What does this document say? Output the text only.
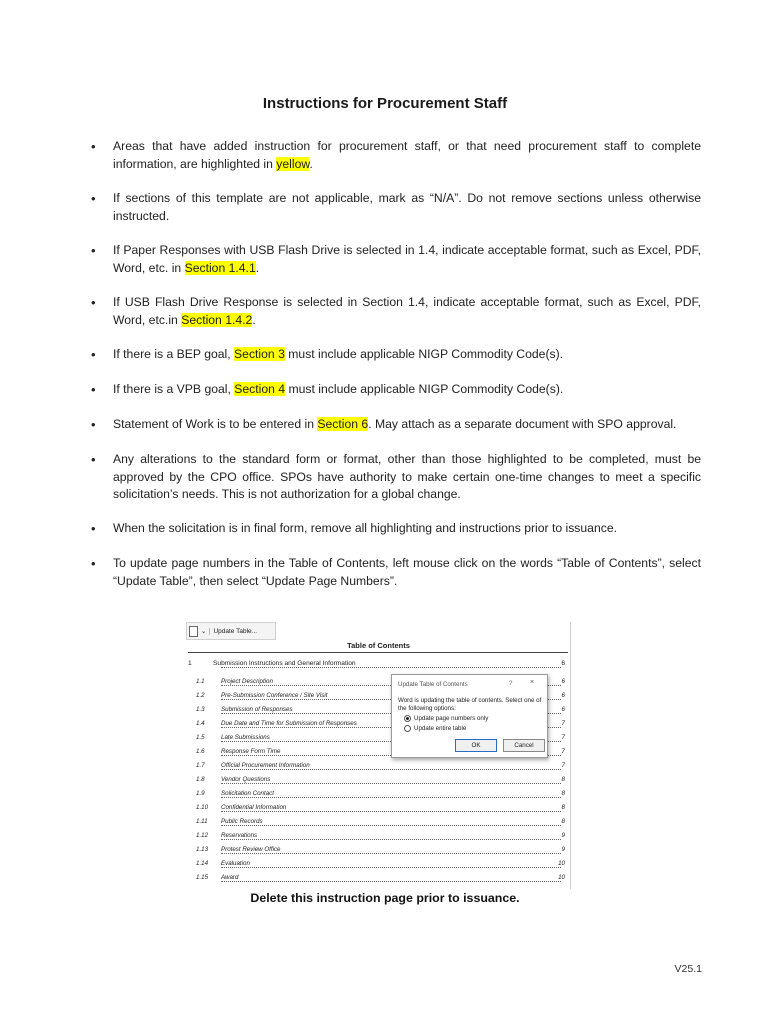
Instructions for Procurement Staff
• Areas that have added instruction for procurement staff, or that need procurement staff to complete information, are highlighted in yellow.
• If sections of this template are not applicable, mark as “N/A”. Do not remove sections unless otherwise instructed.
• If Paper Responses with USB Flash Drive is selected in 1.4, indicate acceptable format, such as Excel, PDF, Word, etc. in Section 1.4.1.
• If USB Flash Drive Response is selected in Section 1.4, indicate acceptable format, such as Excel, PDF, Word, etc.in Section 1.4.2.
• If there is a BEP goal, Section 3 must include applicable NIGP Commodity Code(s).
• If there is a VPB goal, Section 4 must include applicable NIGP Commodity Code(s).
• Statement of Work is to be entered in Section 6. May attach as a separate document with SPO approval.
• Any alterations to the standard form or format, other than those highlighted to be completed, must be approved by the CPO office. SPOs have authority to make certain one-time changes to meet a specific solicitation’s needs. This is not authorization for a global change.
• When the solicitation is in final form, remove all highlighting and instructions prior to issuance.
• To update page numbers in the Table of Contents, left mouse click on the words “Table of Contents”, select “Update Table”, then select “Update Page Numbers”.
⌄	Update Table...
Table of Contents
1	Submission Instructions and General Information	6
1.1	Project Description	6
1.2	Pre-Submission Conference / Site Visit	6
1.3	Submission of Responses	6
1.4	Due Date and Time for Submission of Responses	7
1.5	Late Submissions	7
1.6	Response Form Time	7
1.7	Official Procurement Information	7
1.8	Vendor Questions	8
1.9	Solicitation Contact	8
1.10 Confidential Information	8
1.11 Public Records	8
1.12 Reservations	9
1.13 Protest Review Office	9
1.14 Evaluation	10
1.15 Award	10
Update Table of Contents	?	×
Word is updating the table of contents. Select one of the following options:
Update page numbers only
Update entire table
OK	Cancel
Delete this instruction page prior to issuance.
V25.1
